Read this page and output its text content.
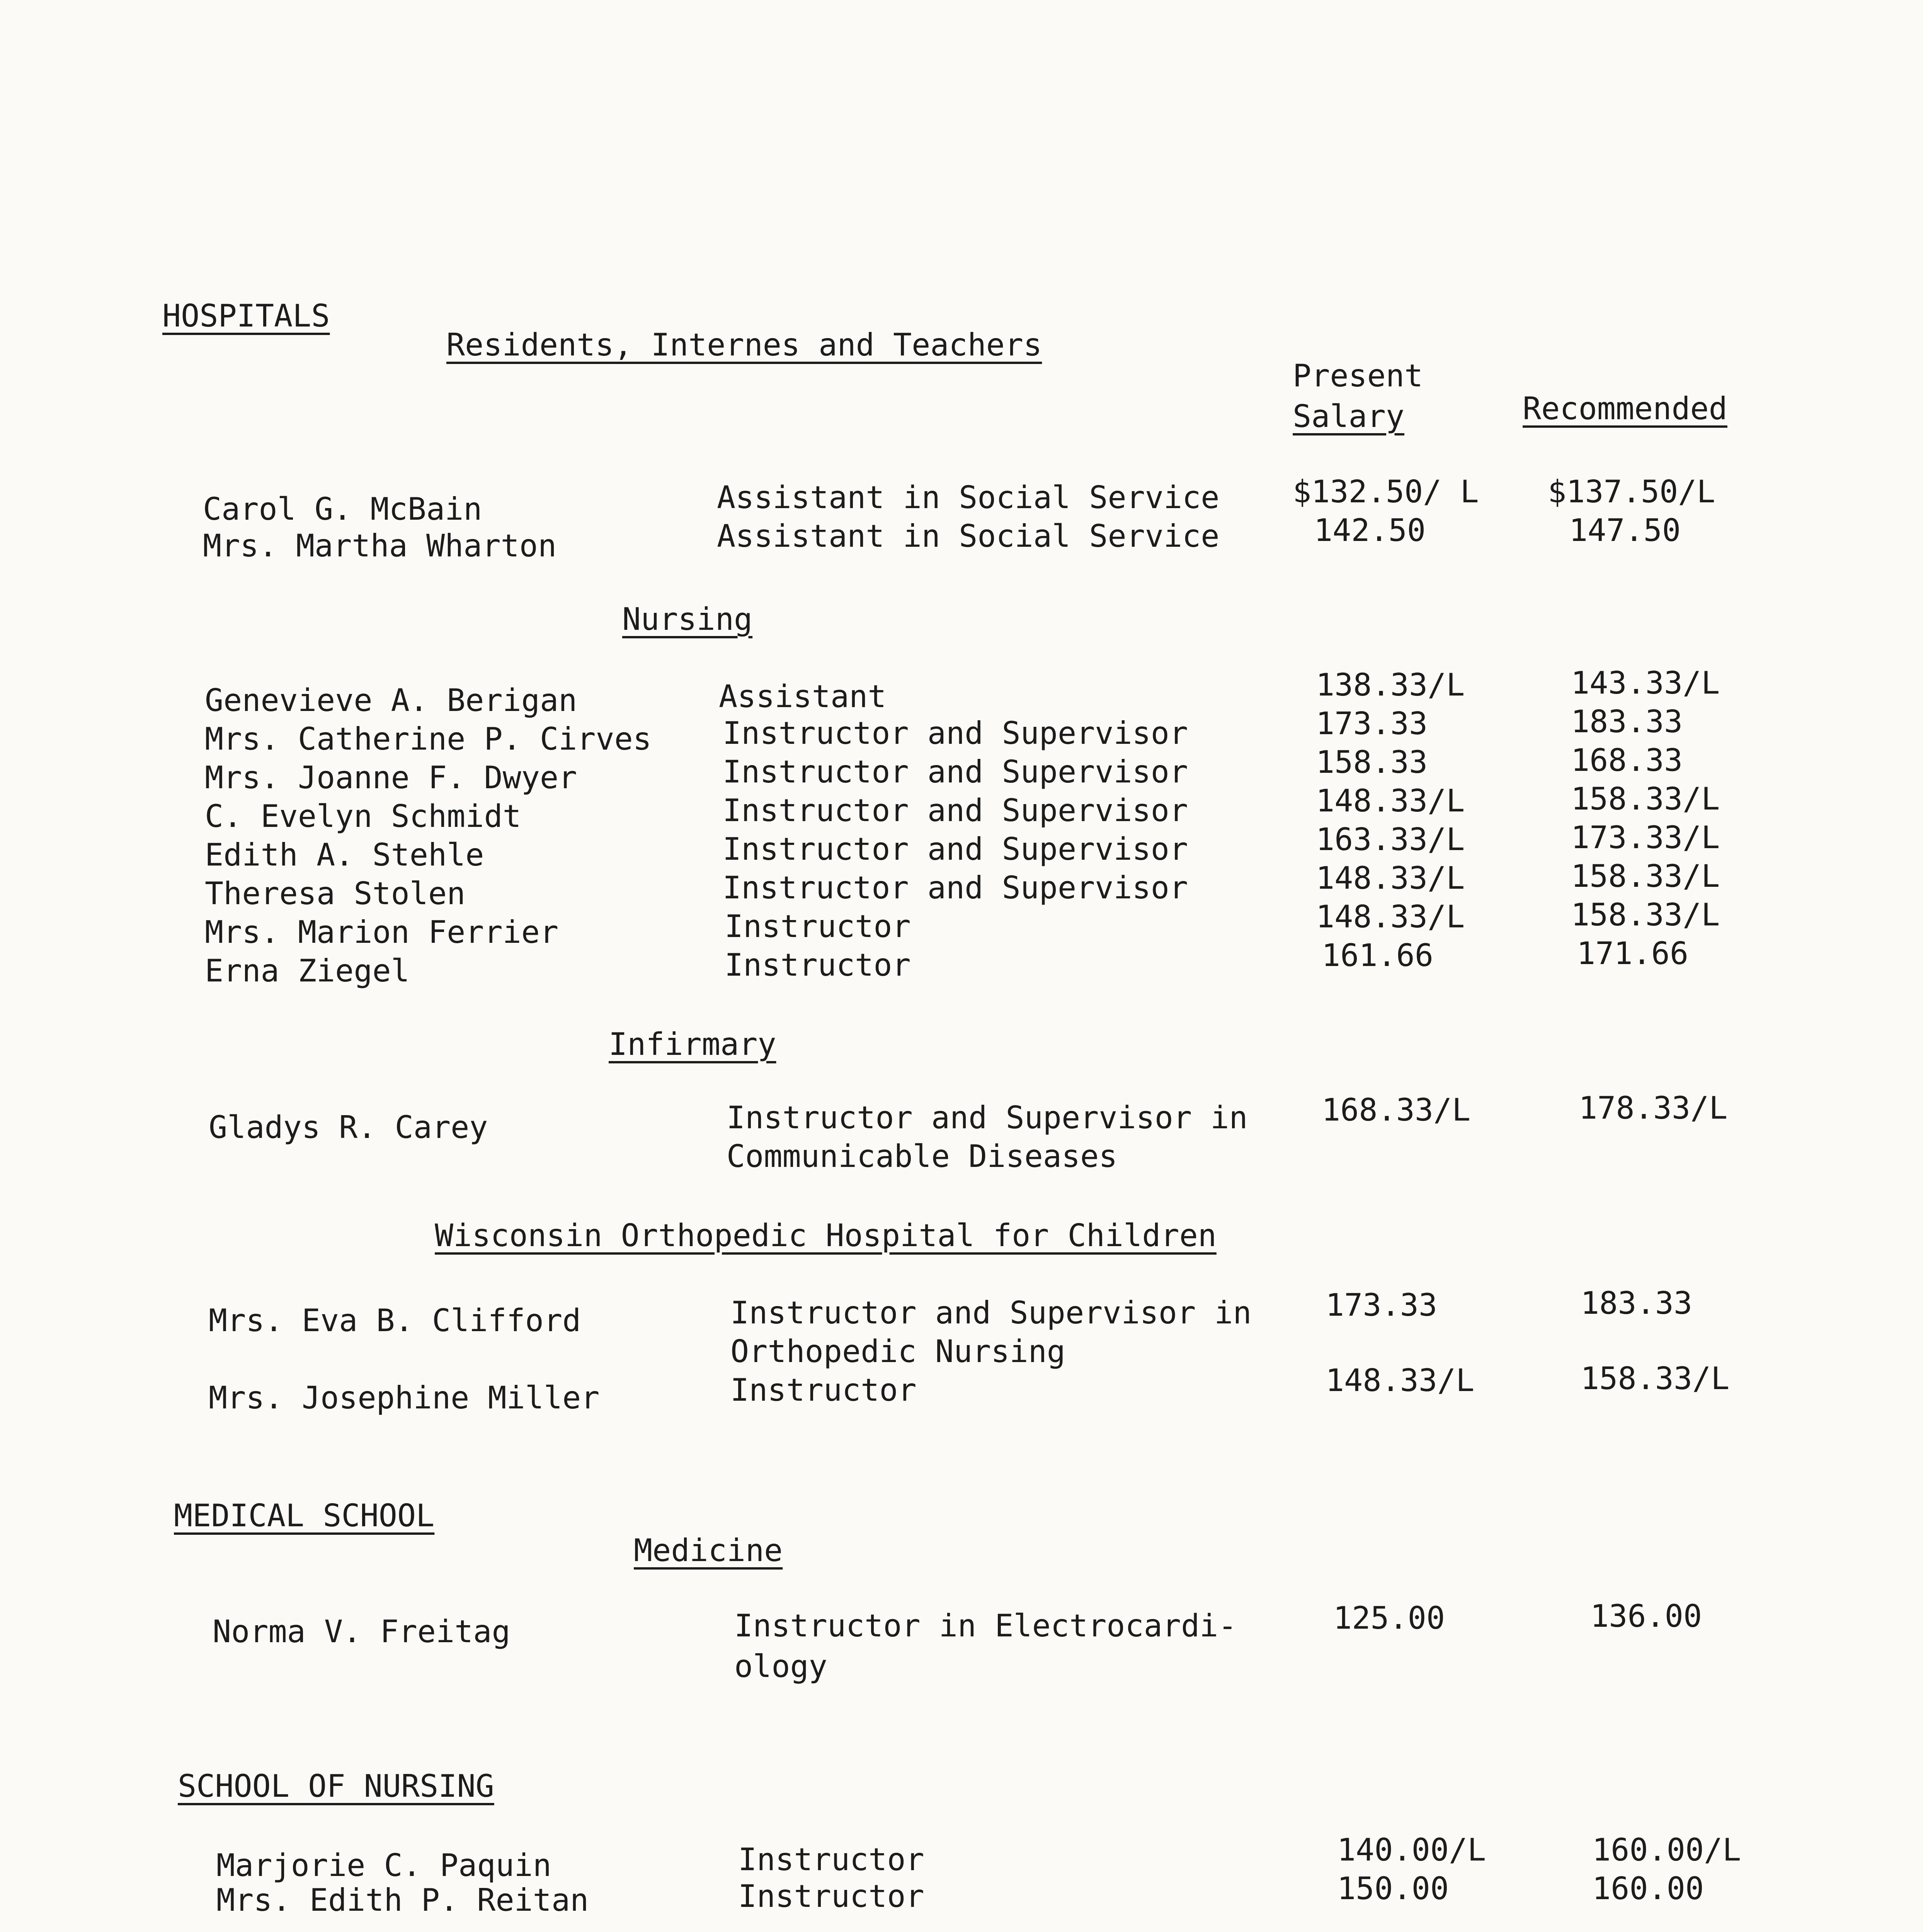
Present
Salary	Recommended
HOSPITALS
Residents, Internes and Teachers
Carol G. McBain	Assistant in Social Service $132.50/ L $137.50/L
Mrs. Martha Wharton	Assistant in Social Service	142.50	147.50
Nursing
Genevieve A. Berigan	Assistant	138.33/L	143.33/L
Mrs. Catherine P. Cirves Instructor and Supervisor	173.33	183.33
Mrs. Joanne F. Dwyer	Instructor and Supervisor	158.33	168.33
C. Evelyn Schmidt	Instructor and Supervisor	148.33/L	158.33/L
Edith A. Stehle	Instructor and Supervisor	163.33/L	173.33/L
Theresa Stolen	Instructor and Supervisor	148.33/L	158.33/L
Mrs. Marion Ferrier	Instructor	148.33/L	158.33/L
Erna Ziegel	Instructor	161.66	171.66
Infirmary
Gladys R. Carey	Instructor and Supervisor in
Communicable Diseases
168.33/L	178.33/L
Wisconsin Orthopedic Hospital for Children
Mrs. Eva B. Clifford	Instructor and Supervisor in
Orthopedic Nursing
173.33	183.33
Mrs. Josephine Miller	Instructor	148.33/L	158.33/L
MEDICAL SCHOOL
Medicine
Norma V. Freitag	Instructor in Electrocardi-
ology
125.00	136.00
SCHOOL OF NURSING
Marjorie C. Paquin	Instructor	140.00/L	160.00/L
Mrs. Edith P. Reitan	Instructor	150.00	160.00
